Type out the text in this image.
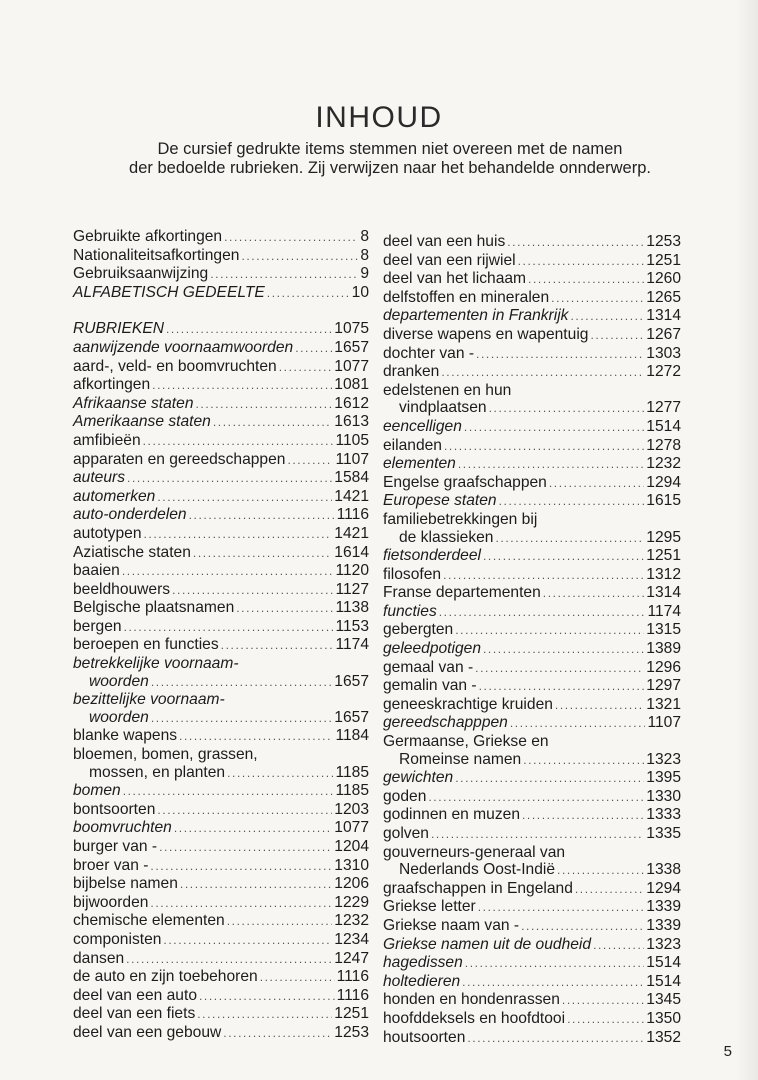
INHOUD
De cursief gedrukte items stemmen niet overeen met de namen
der bedoelde rubrieken. Zij verwijzen naar het behandelde onnderwerp.
Gebruikte afkortingen .....	8
Nationaliteitsafkortingen .....	8
Gebruiksaanwijzing .....	9
ALFABETISCH GEDEELTE .....	10
RUBRIEKEN .....	1075
aanwijzende voornaamwoorden .....	1657
aard-, veld- en boomvruchten .....	1077
afkortingen .....	1081
Afrikaanse staten .....	1612
Amerikaanse staten .....	1613
amfibieën .....	1105
apparaten en gereedschappen .....	1107
auteurs .....	1584
automerken .....	1421
auto-onderdelen .....	1116
autotypen .....	1421
Aziatische staten .....	1614
baaien .....	1120
beeldhouwers .....	1127
Belgische plaatsnamen .....	1138
bergen .....	1153
beroepen en functies .....	1174
betrekkelijke voornaam-
woorden .....	1657
bezittelijke voornaam-
woorden .....	1657
blanke wapens .....	1184
bloemen, bomen, grassen,
mossen, en planten .....	1185
bomen .....	1185
bontsoorten .....	1203
boomvruchten .....	1077
burger van - .....	1204
broer van - .....	1310
bijbelse namen .....	1206
bijwoorden .....	1229
chemische elementen .....	1232
componisten .....	1234
dansen .....	1247
de auto en zijn toebehoren .....	1116
deel van een auto .....	1116
deel van een fiets .....	1251
deel van een gebouw .....	1253
deel van een huis .....	1253
deel van een rijwiel .....	1251
deel van het lichaam .....	1260
delfstoffen en mineralen .....	1265
departementen in Frankrijk .....	1314
diverse wapens en wapentuig .....	1267
dochter van - .....	1303
dranken .....	1272
edelstenen en hun
vindplaatsen .....	1277
eencelligen .....	1514
eilanden .....	1278
elementen .....	1232
Engelse graafschappen .....	1294
Europese staten .....	1615
familiebetrekkingen bij
de klassieken .....	1295
fietsonderdeel .....	1251
filosofen .....	1312
Franse departementen .....	1314
functies .....	1174
gebergten .....	1315
geleedpotigen .....	1389
gemaal van - .....	1296
gemalin van - .....	1297
geneeskrachtige kruiden .....	1321
gereedschapppen .....	1107
Germaanse, Griekse en
Romeinse namen .....	1323
gewichten .....	1395
goden .....	1330
godinnen en muzen .....	1333
golven .....	1335
gouverneurs-generaal van
Nederlands Oost-Indië .....	1338
graafschappen in Engeland .....	1294
Griekse letter .....	1339
Griekse naam van - .....	1339
Griekse namen uit de oudheid .....	1323
hagedissen .....	1514
holtedieren .....	1514
honden en hondenrassen .....	1345
hoofddeksels en hoofdtooi .....	1350
houtsoorten .....	1352
5
